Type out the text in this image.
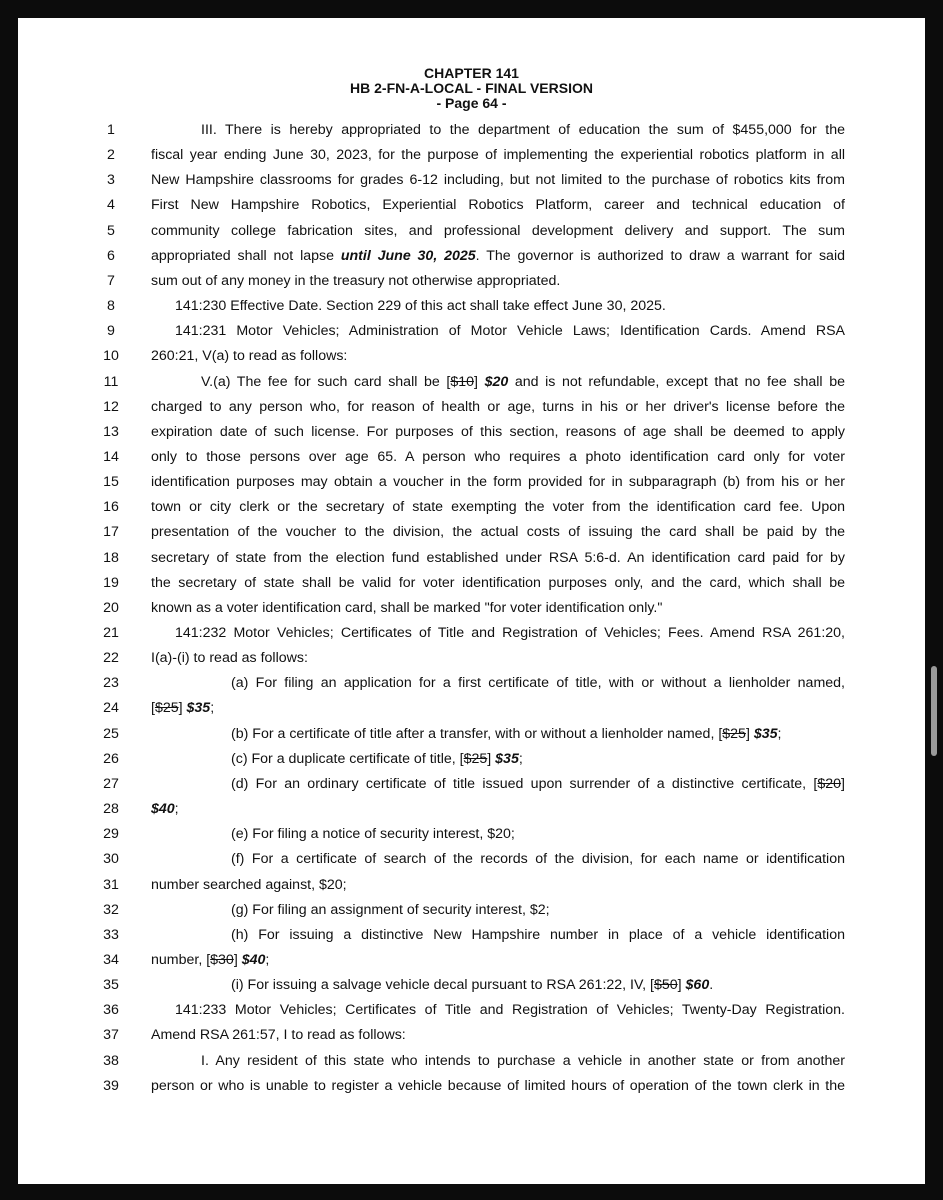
CHAPTER 141
HB 2-FN-A-LOCAL - FINAL VERSION
- Page 64 -
1	III. There is hereby appropriated to the department of education the sum of $455,000 for the
2	fiscal year ending June 30, 2023, for the purpose of implementing the experiential robotics platform in all
3	New Hampshire classrooms for grades 6-12 including, but not limited to the purchase of robotics kits from
4	First New Hampshire Robotics, Experiential Robotics Platform, career and technical education of
5	community college fabrication sites, and professional development delivery and support. The sum
6	appropriated shall not lapse until June 30, 2025. The governor is authorized to draw a warrant for said
7	sum out of any money in the treasury not otherwise appropriated.
8	141:230 Effective Date. Section 229 of this act shall take effect June 30, 2025.
9	141:231 Motor Vehicles; Administration of Motor Vehicle Laws; Identification Cards. Amend RSA
10	260:21, V(a) to read as follows:
11	V.(a) The fee for such card shall be [$10] $20 and is not refundable, except that no fee shall be
12	charged to any person who, for reason of health or age, turns in his or her driver's license before the
13	expiration date of such license. For purposes of this section, reasons of age shall be deemed to apply
14	only to those persons over age 65. A person who requires a photo identification card only for voter
15	identification purposes may obtain a voucher in the form provided for in subparagraph (b) from his or her
16	town or city clerk or the secretary of state exempting the voter from the identification card fee. Upon
17	presentation of the voucher to the division, the actual costs of issuing the card shall be paid by the
18	secretary of state from the election fund established under RSA 5:6-d. An identification card paid for by
19	the secretary of state shall be valid for voter identification purposes only, and the card, which shall be
20	known as a voter identification card, shall be marked "for voter identification only."
21	141:232 Motor Vehicles; Certificates of Title and Registration of Vehicles; Fees. Amend RSA 261:20,
22	I(a)-(i) to read as follows:
23	(a) For filing an application for a first certificate of title, with or without a lienholder named,
24	[$25] $35;
25	(b) For a certificate of title after a transfer, with or without a lienholder named, [$25] $35;
26	(c) For a duplicate certificate of title, [$25] $35;
27	(d) For an ordinary certificate of title issued upon surrender of a distinctive certificate, [$20]
28	$40;
29	(e) For filing a notice of security interest, $20;
30	(f) For a certificate of search of the records of the division, for each name or identification
31	number searched against, $20;
32	(g) For filing an assignment of security interest, $2;
33	(h) For issuing a distinctive New Hampshire number in place of a vehicle identification
34	number, [$30] $40;
35	(i) For issuing a salvage vehicle decal pursuant to RSA 261:22, IV, [$50] $60.
36	141:233 Motor Vehicles; Certificates of Title and Registration of Vehicles; Twenty-Day Registration.
37	Amend RSA 261:57, I to read as follows:
38	I. Any resident of this state who intends to purchase a vehicle in another state or from another
39	person or who is unable to register a vehicle because of limited hours of operation of the town clerk in the
